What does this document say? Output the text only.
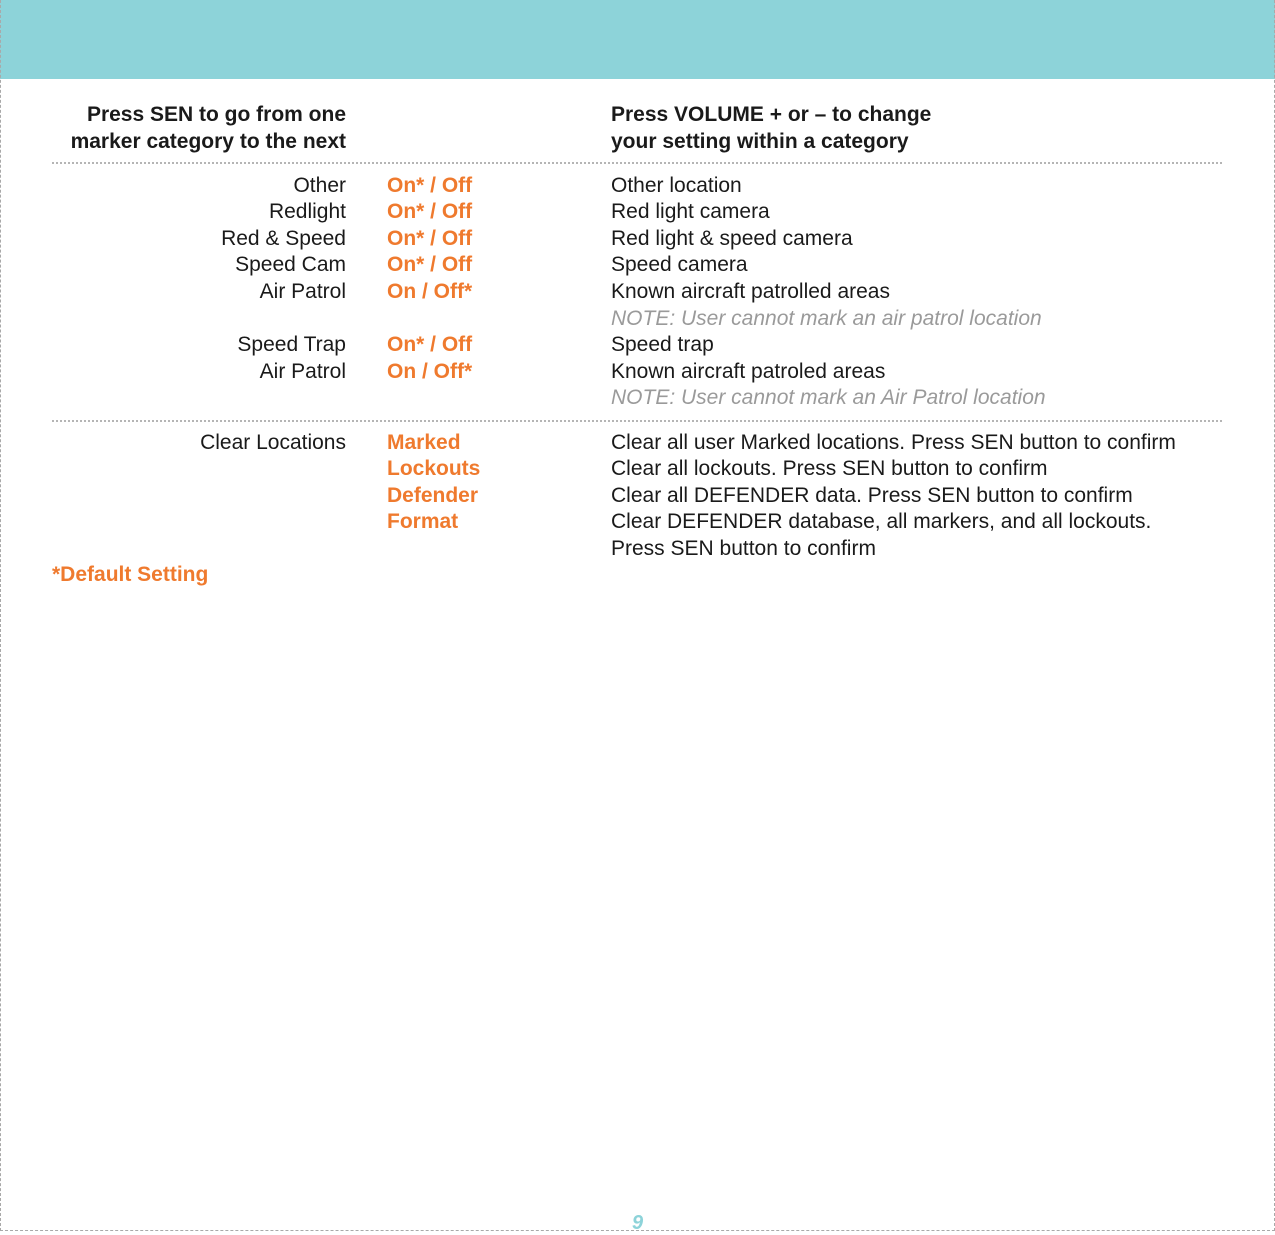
Press SEN to go from one
marker category to the next
Press VOLUME + or – to change
your setting within a category
Other On* / Off	Other location
Redlight On* / Off	Red light camera
Red & Speed On* / Off	Red light & speed camera
Speed Cam On* / Off	Speed camera
Air Patrol On / Off*	Known aircraft patrolled areas
NOTE: User cannot mark an air patrol location
Speed Trap On* / Off	Speed trap
Air Patrol On / Off*	Known aircraft patroled areas
NOTE: User cannot mark an Air Patrol location
Clear Locations Marked	Clear all user Marked locations. Press SEN button to confirm
Lockouts	Clear all lockouts. Press SEN button to confirm
Defender	Clear all DEFENDER data. Press SEN button to confirm
Format	Clear DEFENDER database, all markers, and all lockouts.
Press SEN button to confirm
*Default Setting
9
